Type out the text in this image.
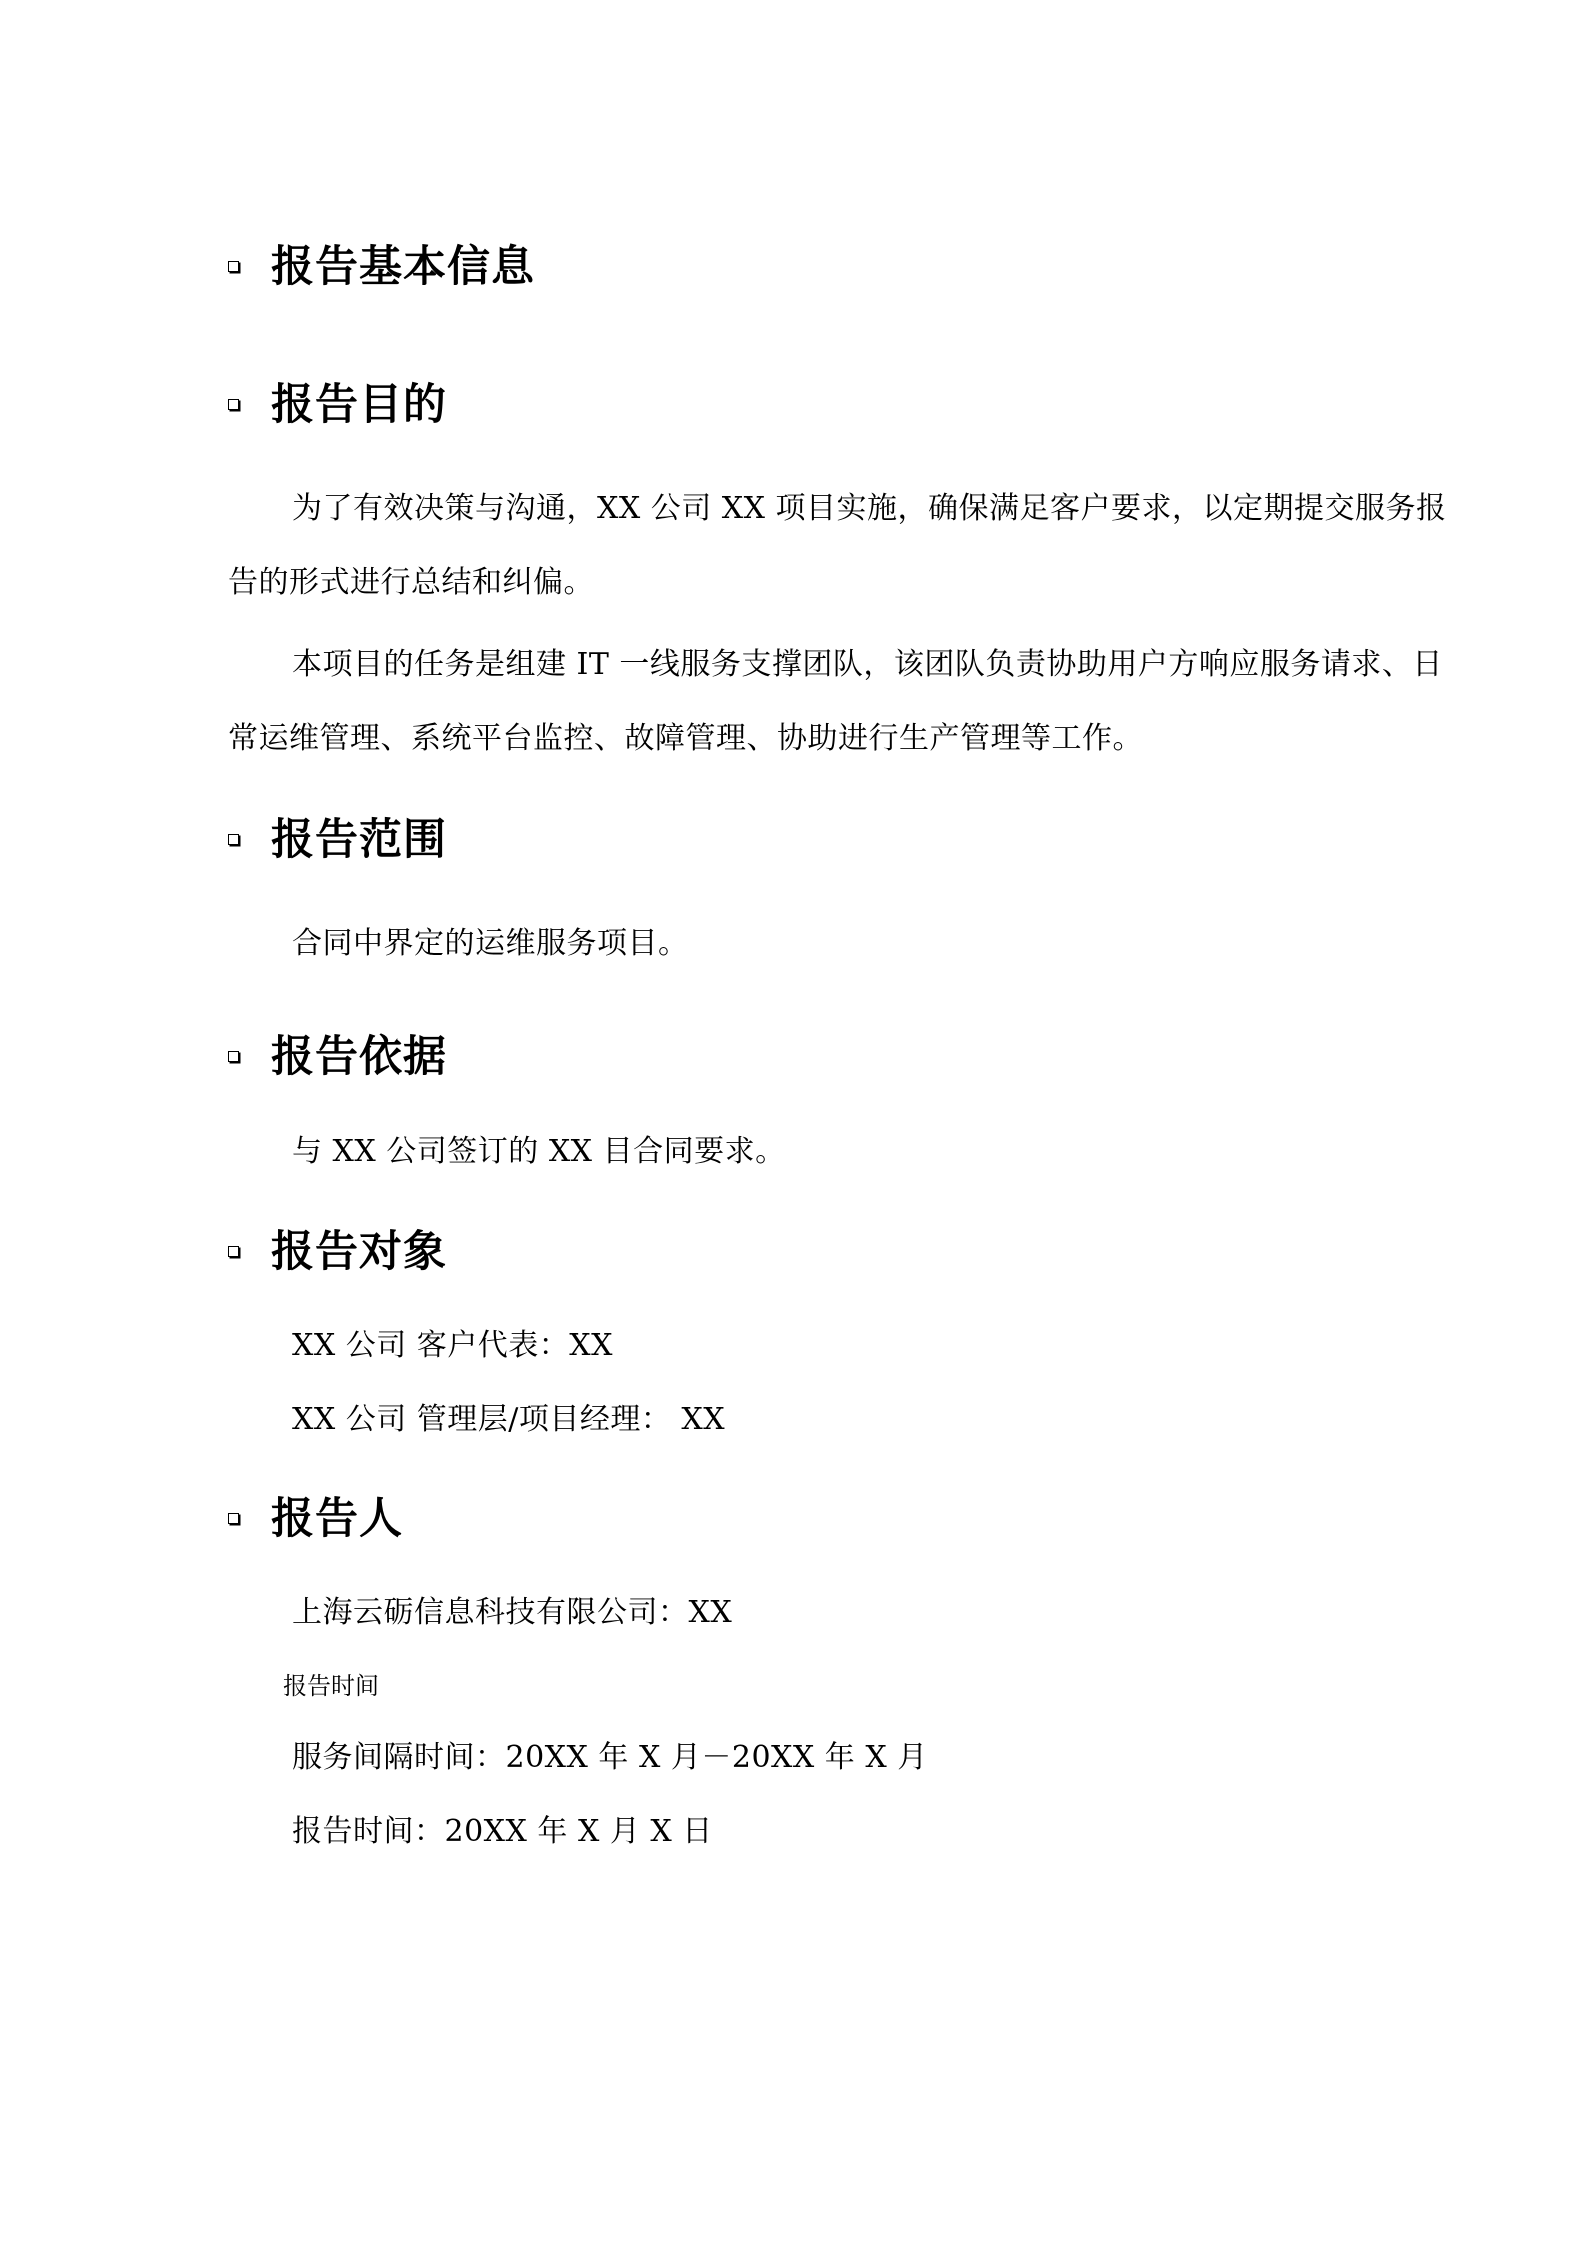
报告基本信息
报告目的

为了有效决策与沟通，XX 公司 XX 项目实施，确保满足客户要求，以定期提交服务报告的形式进行总结和纠偏。

本项目的任务是组建 IT 一线服务支撑团队，该团队负责协助用户方响应服务请求、日常运维管理、系统平台监控、故障管理、协助进行生产管理等工作。

报告范围
合同中界定的运维服务项目。
报告依据
与 XX 公司签订的 XX 目合同要求。
报告对象
XX 公司 客户代表：XX
XX 公司 管理层/项目经理： XX
报告人
上海云砺信息科技有限公司：XX
报告时间
服务间隔时间：20XX 年 X 月－20XX 年 X 月
报告时间：20XX 年 X 月 X 日
